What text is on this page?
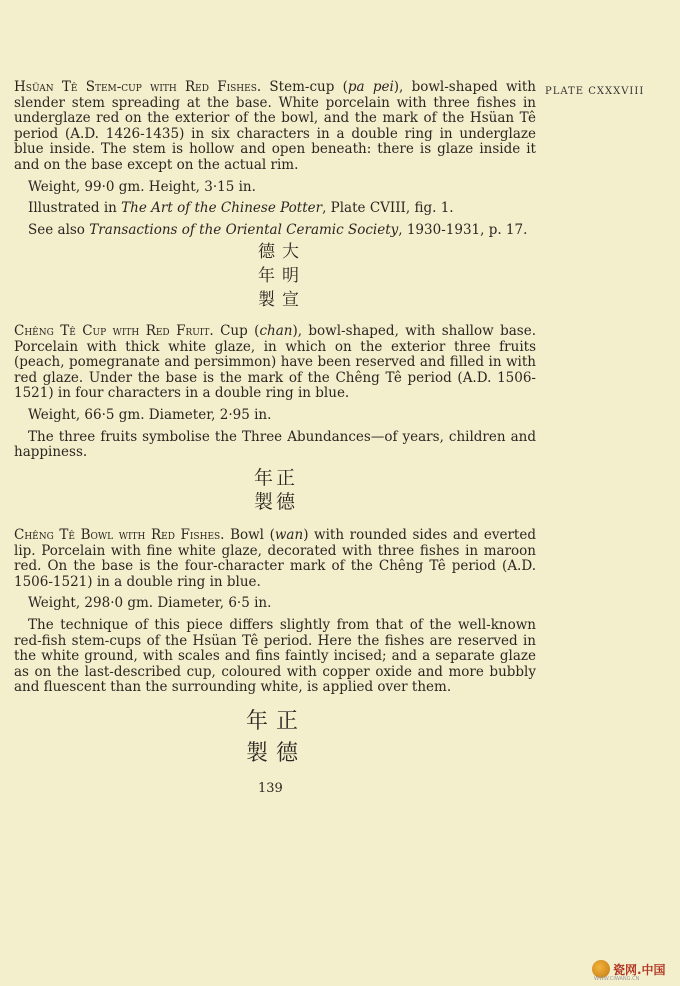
PLATE CXXXVIII

Hsüan Tê Stem-cup with Red Fishes. Stem-cup (pa pei), bowl-shaped with slender stem spreading at the base. White porcelain with three fishes in underglaze red on the exterior of the bowl, and the mark of the Hsüan Tê period (A.D. 1426-1435) in six characters in a double ring in underglaze blue inside. The stem is hollow and open beneath: there is glaze inside it and on the base except on the actual rim.

Weight, 99·0 gm. Height, 3·15 in.

Illustrated in The Art of the Chinese Potter, Plate CVIII, fig. 1.

See also Transactions of the Oriental Ceramic Society, 1930-1931, p. 17.

德
年
製
大
明
宣

Chêng Tê Cup with Red Fruit. Cup (chan), bowl-shaped, with shallow base. Porcelain with thick white glaze, in which on the exterior three fruits (peach, pomegranate and persimmon) have been reserved and filled in with red glaze. Under the base is the mark of the Chêng Tê period (A.D. 1506-1521) in four characters in a double ring in blue.

Weight, 66·5 gm. Diameter, 2·95 in.

The three fruits symbolise the Three Abundances—of years, children and happiness.

年
製
正
德

Chêng Tê Bowl with Red Fishes. Bowl (wan) with rounded sides and everted lip. Porcelain with fine white glaze, decorated with three fishes in maroon red. On the base is the four-character mark of the Chêng Tê period (A.D. 1506-1521) in a double ring in blue.

Weight, 298·0 gm. Diameter, 6·5 in.

The technique of this piece differs slightly from that of the well-known red-fish stem-cups of the Hsüan Tê period. Here the fishes are reserved in the white ground, with scales and fins faintly incised; and a separate glaze as on the last-described cup, coloured with copper oxide and more bubbly and fluescent than the surrounding white, is applied over them.

年
製
正
德
139
瓷网.中国
WWW.CIWANG.CN
